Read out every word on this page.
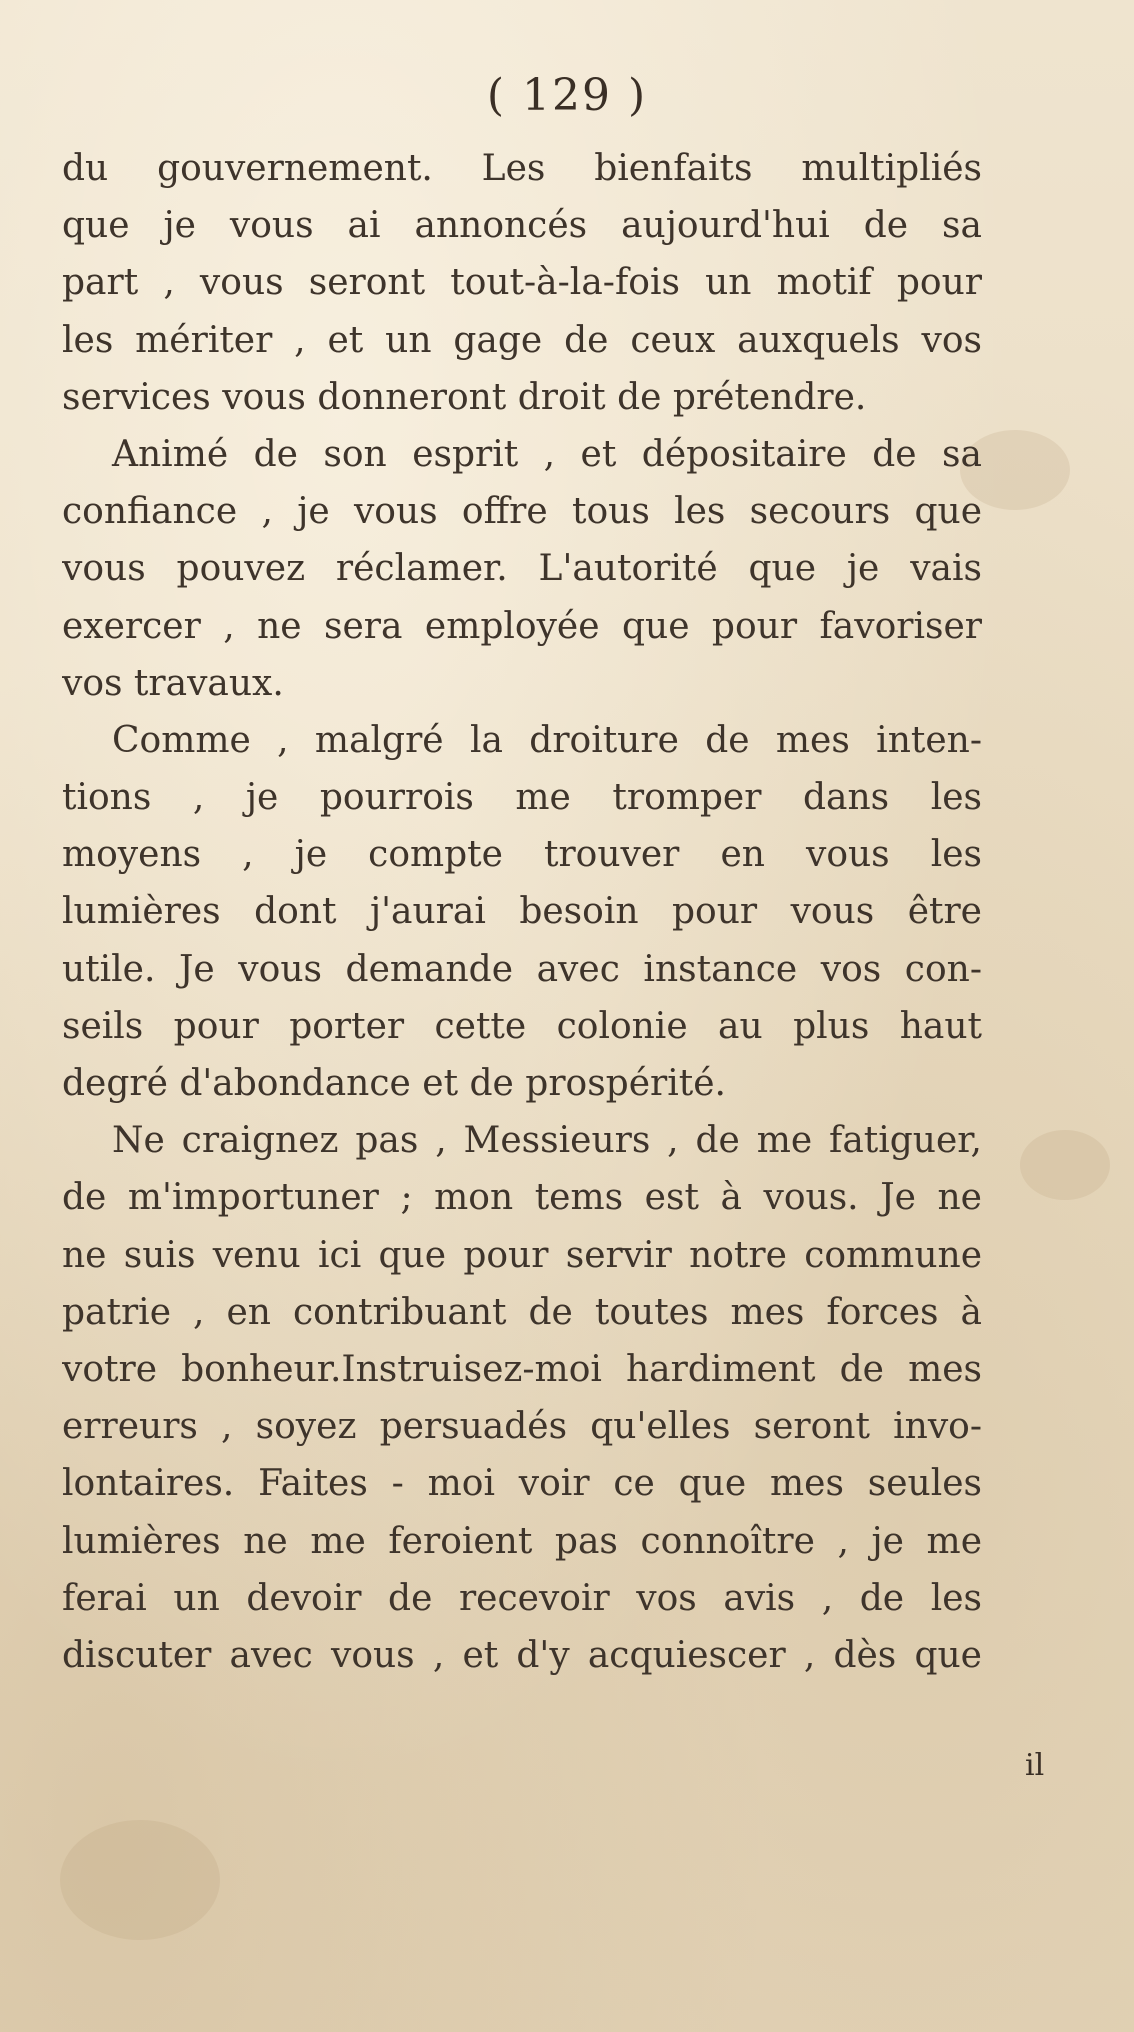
( 129 )
du gouvernement. Les bienfaits multipliés
que je vous ai annoncés aujourd'hui de sa
part , vous seront tout-à-la-fois un motif pour
les mériter , et un gage de ceux auxquels vos
services vous donneront droit de prétendre.
Animé de son esprit , et dépositaire de sa
confiance , je vous offre tous les secours que
vous pouvez réclamer. L'autorité que je vais
exercer , ne sera employée que pour favoriser
vos travaux.
Comme , malgré la droiture de mes inten-
tions , je pourrois me tromper dans les
moyens , je compte trouver en vous les
lumières dont j'aurai besoin pour vous être
utile. Je vous demande avec instance vos con-
seils pour porter cette colonie au plus haut
degré d'abondance et de prospérité.
Ne craignez pas , Messieurs , de me fatiguer,
de m'importuner ; mon tems est à vous. Je ne
ne suis venu ici que pour servir notre commune
patrie , en contribuant de toutes mes forces à
votre bonheur.Instruisez-moi hardiment de mes
erreurs , soyez persuadés qu'elles seront invo-
lontaires. Faites - moi voir ce que mes seules
lumières ne me feroient pas connoître , je me
ferai un devoir de recevoir vos avis , de les
discuter avec vous , et d'y acquiescer , dès que
il
